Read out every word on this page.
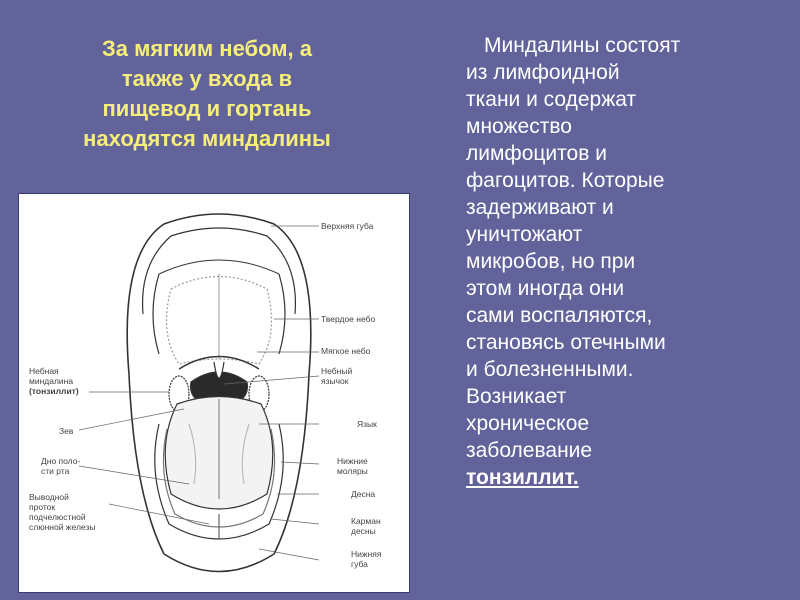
За мягким небом, а
также у входа в
пищевод и гортань
находятся миндалины
Верхняя губа
Твердое небо
Мягкое небо
Небный
язычок
Язык
Нижние
моляры
Десна
Карман
десны
Нижняя
губа
Небная
миндалина
(тонзиллит)
Зев
Дно поло-
сти рта
Выводной
проток
подчелюстной
слюнной железы
Миндалины состоят
из лимфоидной
ткани и содержат
множество
лимфоцитов и
фагоцитов. Которые
задерживают и
уничтожают
микробов, но при
этом иногда они
сами воспаляются,
становясь отечными
и болезненными.
Возникает
хроническое
заболевание
тонзиллит.
